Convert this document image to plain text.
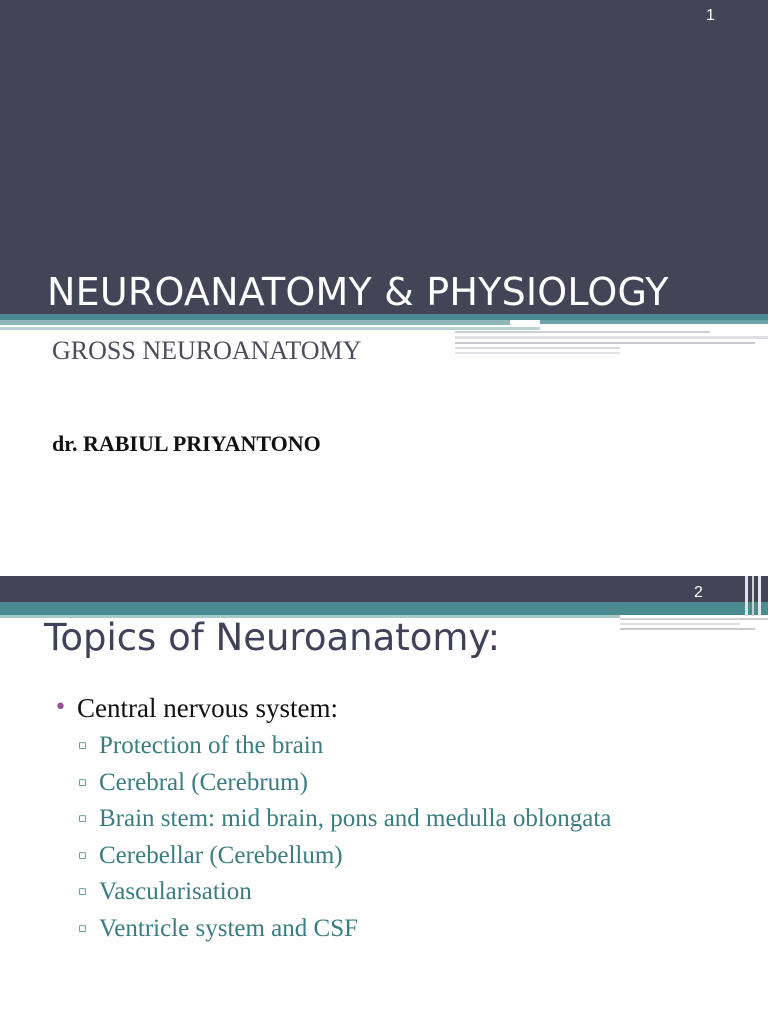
1
NEUROANATOMY & PHYSIOLOGY
GROSS NEUROANATOMY
dr. RABIUL PRIYANTONO
2
Topics of Neuroanatomy:
• Central nervous system:
▫ Protection of the brain
▫ Cerebral (Cerebrum)
▫ Brain stem: mid brain, pons and medulla oblongata
▫ Cerebellar (Cerebellum)
▫ Vascularisation
▫ Ventricle system and CSF
